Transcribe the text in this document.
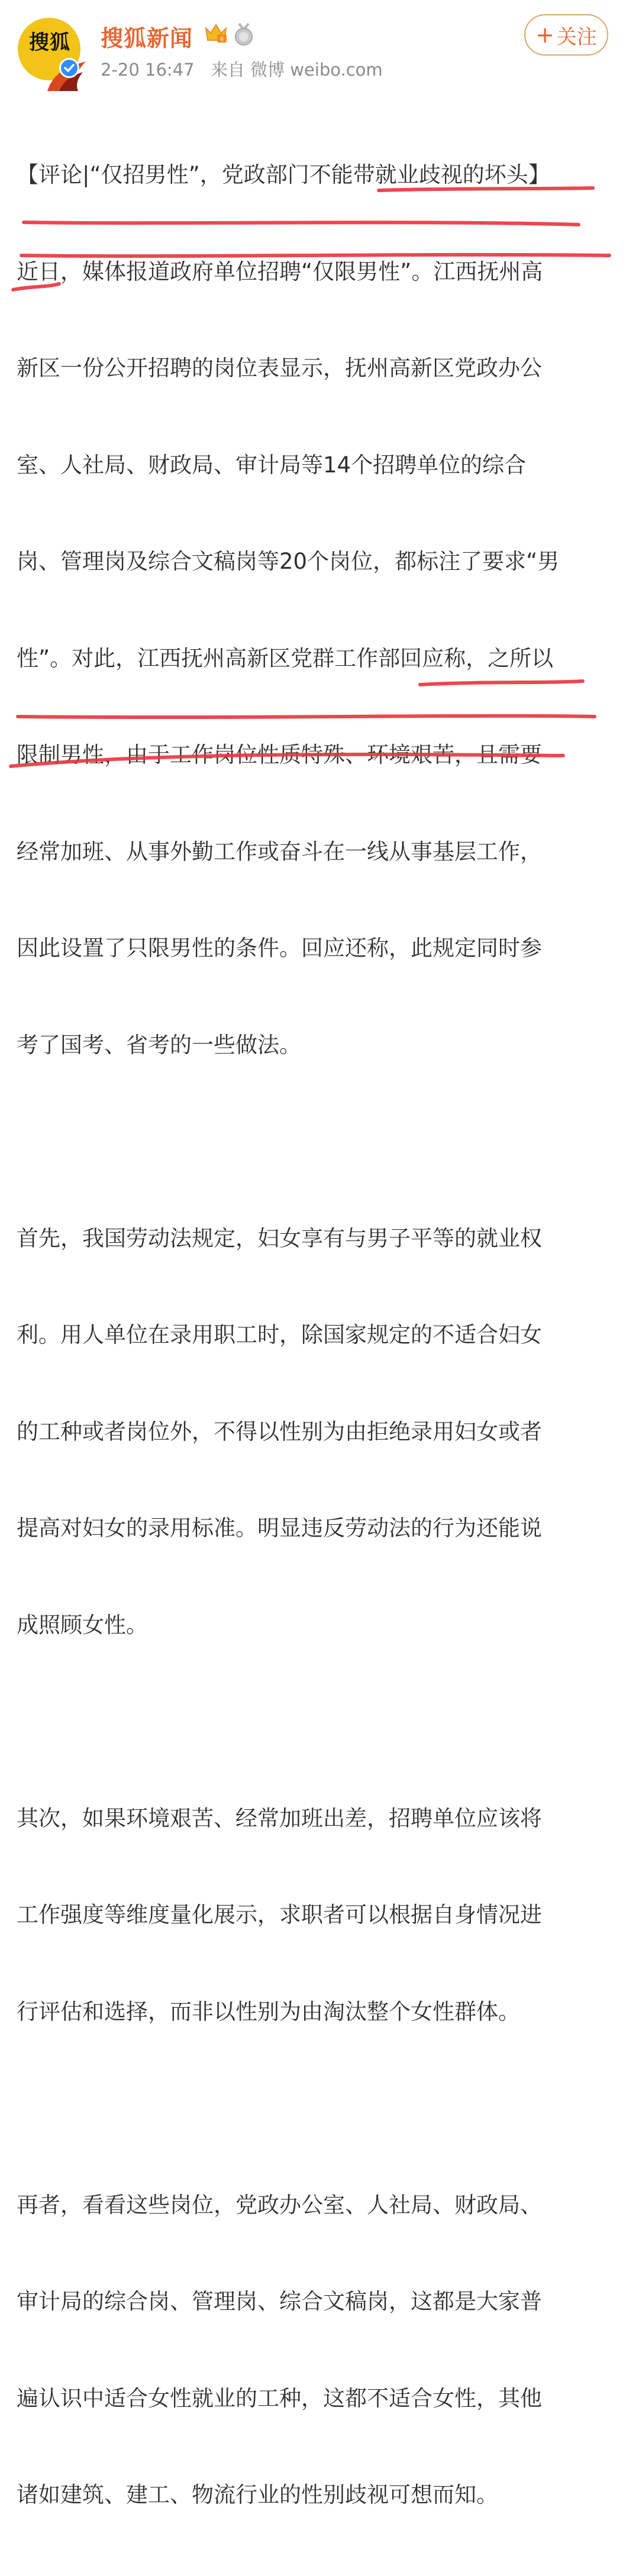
搜狐	搜狐新闻	6
2-20 16:47 来自 微博 weibo.com
+ 关注

【评论|“仅招男性”，党政部门不能带就业歧视的坏头】

近日，媒体报道政府单位招聘“仅限男性”。江西抚州高

新区一份公开招聘的岗位表显示，抚州高新区党政办公

室、人社局、财政局、审计局等14个招聘单位的综合

岗、管理岗及综合文稿岗等20个岗位，都标注了要求“男

性”。对此，江西抚州高新区党群工作部回应称，之所以

限制男性，由于工作岗位性质特殊、环境艰苦，且需要

经常加班、从事外勤工作或奋斗在一线从事基层工作，

因此设置了只限男性的条件。回应还称，此规定同时参

考了国考、省考的一些做法。

首先，我国劳动法规定，妇女享有与男子平等的就业权

利。用人单位在录用职工时，除国家规定的不适合妇女

的工种或者岗位外，不得以性别为由拒绝录用妇女或者

提高对妇女的录用标准。明显违反劳动法的行为还能说

成照顾女性。

其次，如果环境艰苦、经常加班出差，招聘单位应该将

工作强度等维度量化展示，求职者可以根据自身情况进

行评估和选择，而非以性别为由淘汰整个女性群体。

再者，看看这些岗位，党政办公室、人社局、财政局、

审计局的综合岗、管理岗、综合文稿岗，这都是大家普

遍认识中适合女性就业的工种，这都不适合女性，其他

诸如建筑、建工、物流行业的性别歧视可想而知。
